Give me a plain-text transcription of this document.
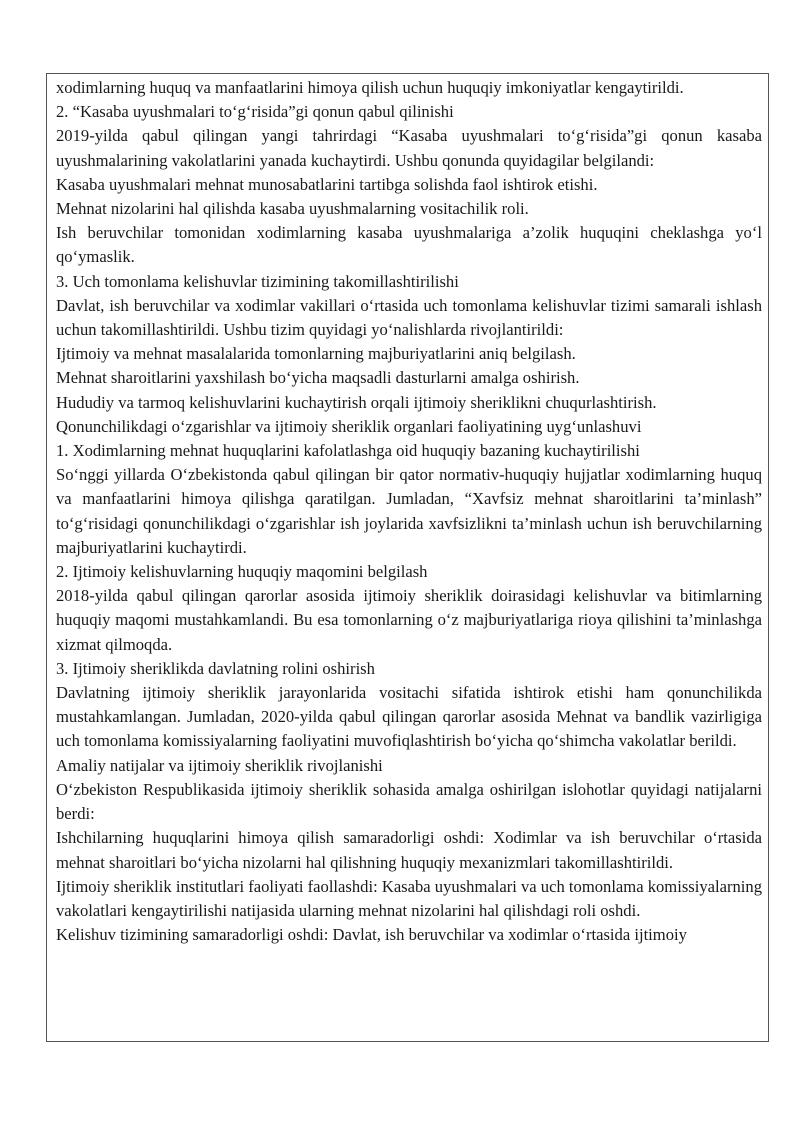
xodimlarning huquq va manfaatlarini himoya qilish uchun huquqiy imkoniyatlar kengaytirildi.

2. “Kasaba uyushmalari to‘g‘risida”gi qonun qabul qilinishi

2019-yilda qabul qilingan yangi tahrirdagi “Kasaba uyushmalari to‘g‘risida”gi qonun kasaba uyushmalarining vakolatlarini yanada kuchaytirdi. Ushbu qonunda quyidagilar belgilandi:

Kasaba uyushmalari mehnat munosabatlarini tartibga solishda faol ishtirok etishi.

Mehnat nizolarini hal qilishda kasaba uyushmalarning vositachilik roli.

Ish beruvchilar tomonidan xodimlarning kasaba uyushmalariga a’zolik huquqini cheklashga yo‘l qo‘ymaslik.

3. Uch tomonlama kelishuvlar tizimining takomillashtirilishi

Davlat, ish beruvchilar va xodimlar vakillari o‘rtasida uch tomonlama kelishuvlar tizimi samarali ishlash uchun takomillashtirildi. Ushbu tizim quyidagi yo‘nalishlarda rivojlantirildi:

Ijtimoiy va mehnat masalalarida tomonlarning majburiyatlarini aniq belgilash.

Mehnat sharoitlarini yaxshilash bo‘yicha maqsadli dasturlarni amalga oshirish.

Hududiy va tarmoq kelishuvlarini kuchaytirish orqali ijtimoiy sheriklikni chuqurlashtirish.

Qonunchilikdagi o‘zgarishlar va ijtimoiy sheriklik organlari faoliyatining uyg‘unlashuvi

1. Xodimlarning mehnat huquqlarini kafolatlashga oid huquqiy bazaning kuchaytirilishi

So‘nggi yillarda O‘zbekistonda qabul qilingan bir qator normativ-huquqiy hujjatlar xodimlarning huquq va manfaatlarini himoya qilishga qaratilgan. Jumladan, “Xavfsiz mehnat sharoitlarini ta’minlash” to‘g‘risidagi qonunchilikdagi o‘zgarishlar ish joylarida xavfsizlikni ta’minlash uchun ish beruvchilarning majburiyatlarini kuchaytirdi.

2. Ijtimoiy kelishuvlarning huquqiy maqomini belgilash

2018-yilda qabul qilingan qarorlar asosida ijtimoiy sheriklik doirasidagi kelishuvlar va bitimlarning huquqiy maqomi mustahkamlandi. Bu esa tomonlarning o‘z majburiyatlariga rioya qilishini ta’minlashga xizmat qilmoqda.

3. Ijtimoiy sheriklikda davlatning rolini oshirish

Davlatning ijtimoiy sheriklik jarayonlarida vositachi sifatida ishtirok etishi ham qonunchilikda mustahkamlangan. Jumladan, 2020-yilda qabul qilingan qarorlar asosida Mehnat va bandlik vazirligiga uch tomonlama komissiyalarning faoliyatini muvofiqlashtirish bo‘yicha qo‘shimcha vakolatlar berildi.

Amaliy natijalar va ijtimoiy sheriklik rivojlanishi

O‘zbekiston Respublikasida ijtimoiy sheriklik sohasida amalga oshirilgan islohotlar quyidagi natijalarni berdi:

Ishchilarning huquqlarini himoya qilish samaradorligi oshdi: Xodimlar va ish beruvchilar o‘rtasida mehnat sharoitlari bo‘yicha nizolarni hal qilishning huquqiy mexanizmlari takomillashtirildi.

Ijtimoiy sheriklik institutlari faoliyati faollashdi: Kasaba uyushmalari va uch tomonlama komissiyalarning vakolatlari kengaytirilishi natijasida ularning mehnat nizolarini hal qilishdagi roli oshdi.

Kelishuv tizimining samaradorligi oshdi: Davlat, ish beruvchilar va xodimlar o‘rtasida ijtimoiy
